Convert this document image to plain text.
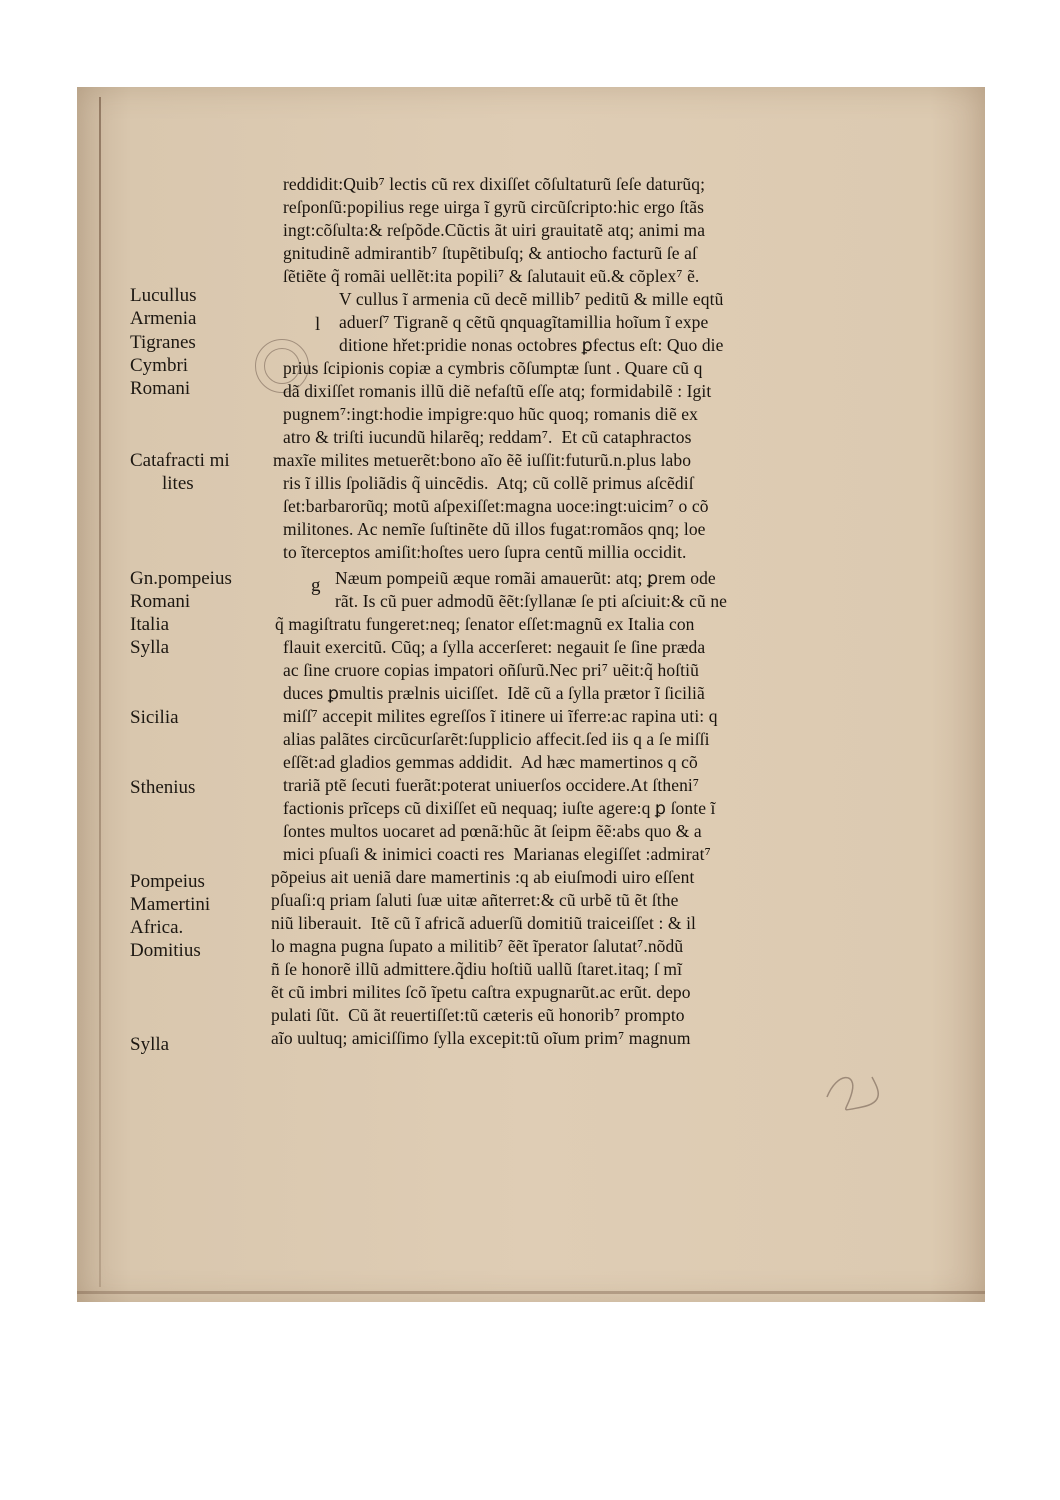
Lucullus
Armenia
Tigranes
Cymbri
Romani
Catafracti mi
lites
Gn.pompeius
Romani
Italia
Sylla
Sicilia
Sthenius
Pompeius
Mamertini
Africa.
Domitius
Sylla
l
g
reddidit:Quib⁷ lectis cũ rex dixiſſet cõſultaturũ ſeſe daturũq;
reſponſũ:popilius rege uirga ĩ gyrũ circũſcripto:hic ergo ſtãs
ingt:cõſulta:& reſpõde.Cũctis ãt uiri grauitatẽ atq; animi ma
gnitudinẽ admirantib⁷ ſtupẽtibuſq; & antiocho facturũ ſe aſ
ſẽtiẽte q̃ romãi uellẽt:ita popili⁷ & ſalutauit eũ.& cõplex⁷ ẽ.
V cullus ĩ armenia cũ decẽ millib⁷ peditũ & mille eqtũ
aduerſ⁷ Tigranẽ q cẽtũ qnquagĩtamillia hoĩum ĩ expe
ditione hřet:pridie nonas octobres ꝑfectus eſt: Quo die
prius ſcipionis copiæ a cymbris cõſumptæ ſunt . Quare cũ q
dã dixiſſet romanis illũ diẽ nefaſtũ eſſe atq; formidabilẽ : Igit
pugnem⁷:ingt:hodie impigre:quo hũc quoq; romanis diẽ ex
atro & triſti iucundũ hilarẽq; reddam⁷.  Et cũ cataphractos
maxĩe milites metuerẽt:bono aĩo ẽẽ iuſſit:futurũ.n.plus labo
ris ĩ illis ſpoliãdis q̃ uincẽdis.  Atq; cũ collẽ primus aſcẽdiſ
ſet:barbarorũq; motũ aſpexiſſet:magna uoce:ingt:uicim⁷ o cõ
militones. Ac nemĩe ſuſtinẽte dũ illos fugat:romãos qnq; loe
to ĩterceptos amiſit:hoſtes uero ſupra centũ millia occidit.
Næum pompeiũ æque romãi amauerũt: atq; ꝑrem ode
rãt. Is cũ puer admodũ ẽẽt:ſyllanæ ſe pti aſciuit:& cũ ne
q̃ magiſtratu fungeret:neq; ſenator eſſet:magnũ ex Italia con
flauit exercitũ. Cũq; a ſylla accerſeret: negauit ſe ſine præda
ac ſine cruore copias impatori oñſurũ.Nec pri⁷ uẽit:q̃ hoſtiũ
duces ꝑmultis prælnis uiciſſet.  Idẽ cũ a ſylla prætor ĩ ſiciliã
miſſ⁷ accepit milites egreſſos ĩ itinere ui ĩferre:ac rapina uti: q
alias palãtes circũcurſarẽt:ſupplicio affecit.ſed iis q a ſe miſſi
eſſẽt:ad gladios gemmas addidit.  Ad hæc mamertinos q cõ
trariã ptẽ ſecuti fuerãt:poterat uniuerſos occidere.At ſtheni⁷
factionis prĩceps cũ dixiſſet eũ nequaq; iuſte agere:q ꝑ ſonte ĩ
ſontes multos uocaret ad pœnã:hũc ãt ſeipm ẽẽ:abs quo & a
mici pſuaſi & inimici coacti res  Marianas elegiſſet :admirat⁷
põpeius ait ueniã dare mamertinis :q ab eiuſmodi uiro eſſent
pſuaſi:q priam ſaluti ſuæ uitæ añterret:& cũ urbẽ tũ ẽt ſthe
niũ liberauit.  Itẽ cũ ĩ africã aduerſũ domitiũ traiceiſſet : & il
lo magna pugna ſupato a militib⁷ ẽẽt ĩperator ſalutat⁷.nõdũ
ñ ſe honorẽ illũ admittere.q̃diu hoſtiũ uallũ ſtaret.itaq; ſ mĩ
ẽt cũ imbri milites ſcõ ĩpetu caſtra expugnarũt.ac erũt. depo
pulati ſũt.  Cũ ãt reuertiſſet:tũ cæteris eũ honorib⁷ prompto
aĩo uultuq; amiciſſimo ſylla excepit:tũ oĩum prim⁷ magnum
